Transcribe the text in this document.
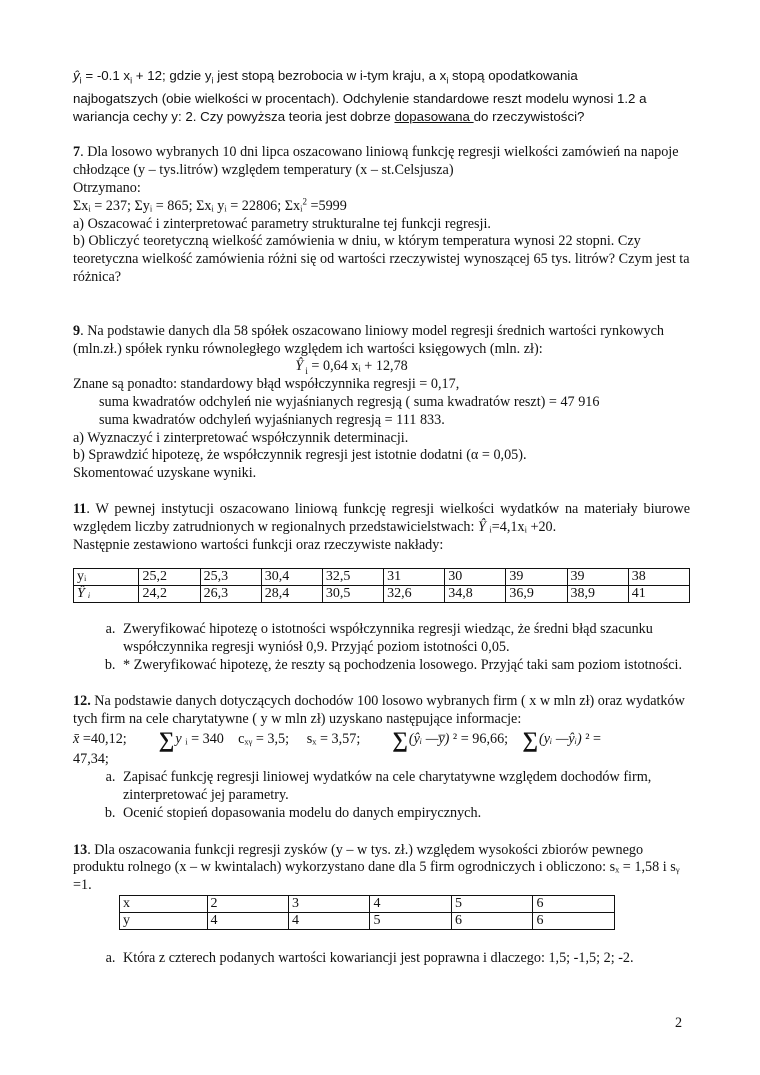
$ŷ_i = -0.1$ $x_i + 12$; gdzie $y_i$ jest stopą bezrobocia w i-tym kraju, a $x_i$ stopą opodatkowania

najbogatszych (obie wielkości w procentach). Odchylenie standardowe reszt modelu wynosi 1.2 a

wariancja cechy y: 2. Czy powyższa teoria jest dobrze dopasowana do rzeczywistości?

7. Dla losowo wybranych 10 dni lipca oszacowano liniową funkcję regresji wielkości zamówień na napoje chłodzące (y – tys.litrów) względem temperatury (x – st.Celsjusza)

Otrzymano:

Σxᵢ = 237; Σyᵢ = 865; Σxᵢ yᵢ = 22806; Σxᵢ$^2$ =5999

a) Oszacować i zinterpretować parametry strukturalne tej funkcji regresji.

b) Obliczyć teoretyczną wielkość zamówienia w dniu, w którym temperatura wynosi 22 stopni. Czy teoretyczna wielkość zamówienia różni się od wartości rzeczywistej wynoszącej 65 tys. litrów? Czym jest ta różnica?

9. Na podstawie danych dla 58 spółek oszacowano liniowy model regresji średnich wartości rynkowych (mln.zł.) spółek rynku równoległego względem ich wartości księgowych (mln. zł):

Ŷ $_i$ = 0,64 xᵢ + 12,78

Znane są ponadto: standardowy błąd współczynnika regresji = 0,17,

suma kwadratów odchyleń nie wyjaśnianych regresją ( suma kwadratów reszt) = 47 916

suma kwadratów odchyleń wyjaśnianych regresją = 111 833.

a) Wyznaczyć i zinterpretować współczynnik determinacji.

b) Sprawdzić hipotezę, że współczynnik regresji jest istotnie dodatni (α = 0,05).

Skomentować uzyskane wyniki.

11. W pewnej instytucji oszacowano liniową funkcję regresji wielkości wydatków na materiały biurowe względem liczby zatrudnionych w regionalnych przedstawicielstwach: Ŷ ᵢ=4,1xᵢ +20.

Następnie zestawiono wartości funkcji oraz rzeczywiste nakłady:

yᵢ	25,2	25,3	30,4	32,5	31	30	39	39	38
Ŷ ᵢ	24,2	26,3	28,4	30,5	32,6	34,8	36,9	38,9	41
a. Zweryfikować hipotezę o istotności współczynnika regresji wiedząc, że średni błąd szacunku współczynnika regresji wyniósł 0,9. Przyjąć poziom istotności 0,05.
b. * Zweryfikować hipotezę, że reszty są pochodzenia losowego. Przyjąć taki sam poziom istotności.

12. Na podstawie danych dotyczących dochodów 100 losowo wybranych firm ( x w mln zł) oraz wydatków tych firm na cele charytatywne ( y w mln zł) uzyskano następujące informacje:

x̄ =40,12; ∑y ᵢ = 340 cₓᵧ = 3,5; sₓ = 3,57; ∑(ŷᵢ —y̅) ² = 96,66; ∑(yᵢ —ŷᵢ) ² =

47,34;

a. Zapisać funkcję regresji liniowej wydatków na cele charytatywne względem dochodów firm, zinterpretować jej parametry.
b. Ocenić stopień dopasowania modelu do danych empirycznych.

13. Dla oszacowania funkcji regresji zysków (y – w tys. zł.) względem wysokości zbiorów pewnego produktu rolnego (x – w kwintalach) wykorzystano dane dla 5 firm ogrodniczych i obliczono: sₓ = 1,58 i sᵧ =1.

x	2	3	4	5	6
y	4	4	5	6	6
a. Która z czterech podanych wartości kowariancji jest poprawna i dlaczego: 1,5; -1,5; 2; -2.
2
